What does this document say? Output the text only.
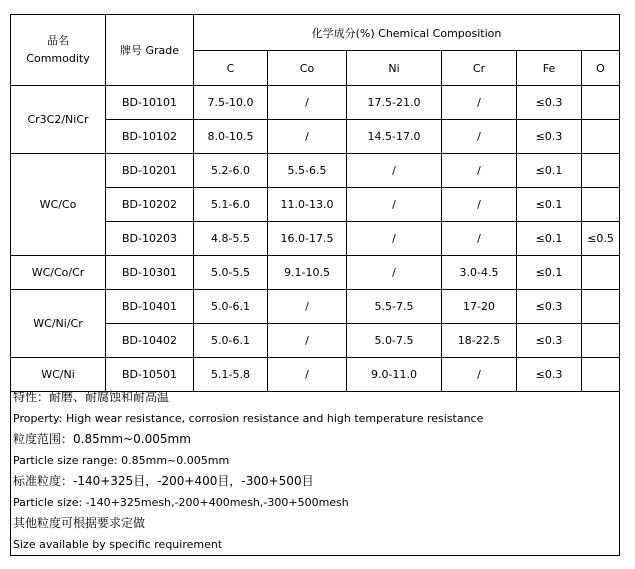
品名
Commodity	牌号 Grade	化学成分(%) Chemical Composition					
		C	Co	Ni	Cr	Fe	O
Cr3C2/NiCr	BD-10101	7.5-10.0	/	17.5-21.0	/	≤0.3	
	BD-10102	8.0-10.5	/	14.5-17.0	/	≤0.3	
WC/Co	BD-10201	5.2-6.0	5.5-6.5	/	/	≤0.1	
	BD-10202	5.1-6.0	11.0-13.0	/	/	≤0.1	
	BD-10203	4.8-5.5	16.0-17.5	/	/	≤0.1	≤0.5
WC/Co/Cr	BD-10301	5.0-5.5	9.1-10.5	/	3.0-4.5	≤0.1	
WC/Ni/Cr	BD-10401	5.0-6.1	/	5.5-7.5	17-20	≤0.3	
	BD-10402	5.0-6.1	/	5.0-7.5	18-22.5	≤0.3	
WC/Ni	BD-10501	5.1-5.8	/	9.0-11.0	/	≤0.3	
特性：耐磨、耐腐蚀和耐高温
Property: High wear resistance, corrosion resistance and high temperature resistance
粒度范围：0.85mm~0.005mm
Particle size range: 0.85mm~0.005mm
标准粒度：-140+325目，-200+400目，-300+500目
Particle size: -140+325mesh,-200+400mesh,-300+500mesh
其他粒度可根据要求定做
Size available by specific requirement
